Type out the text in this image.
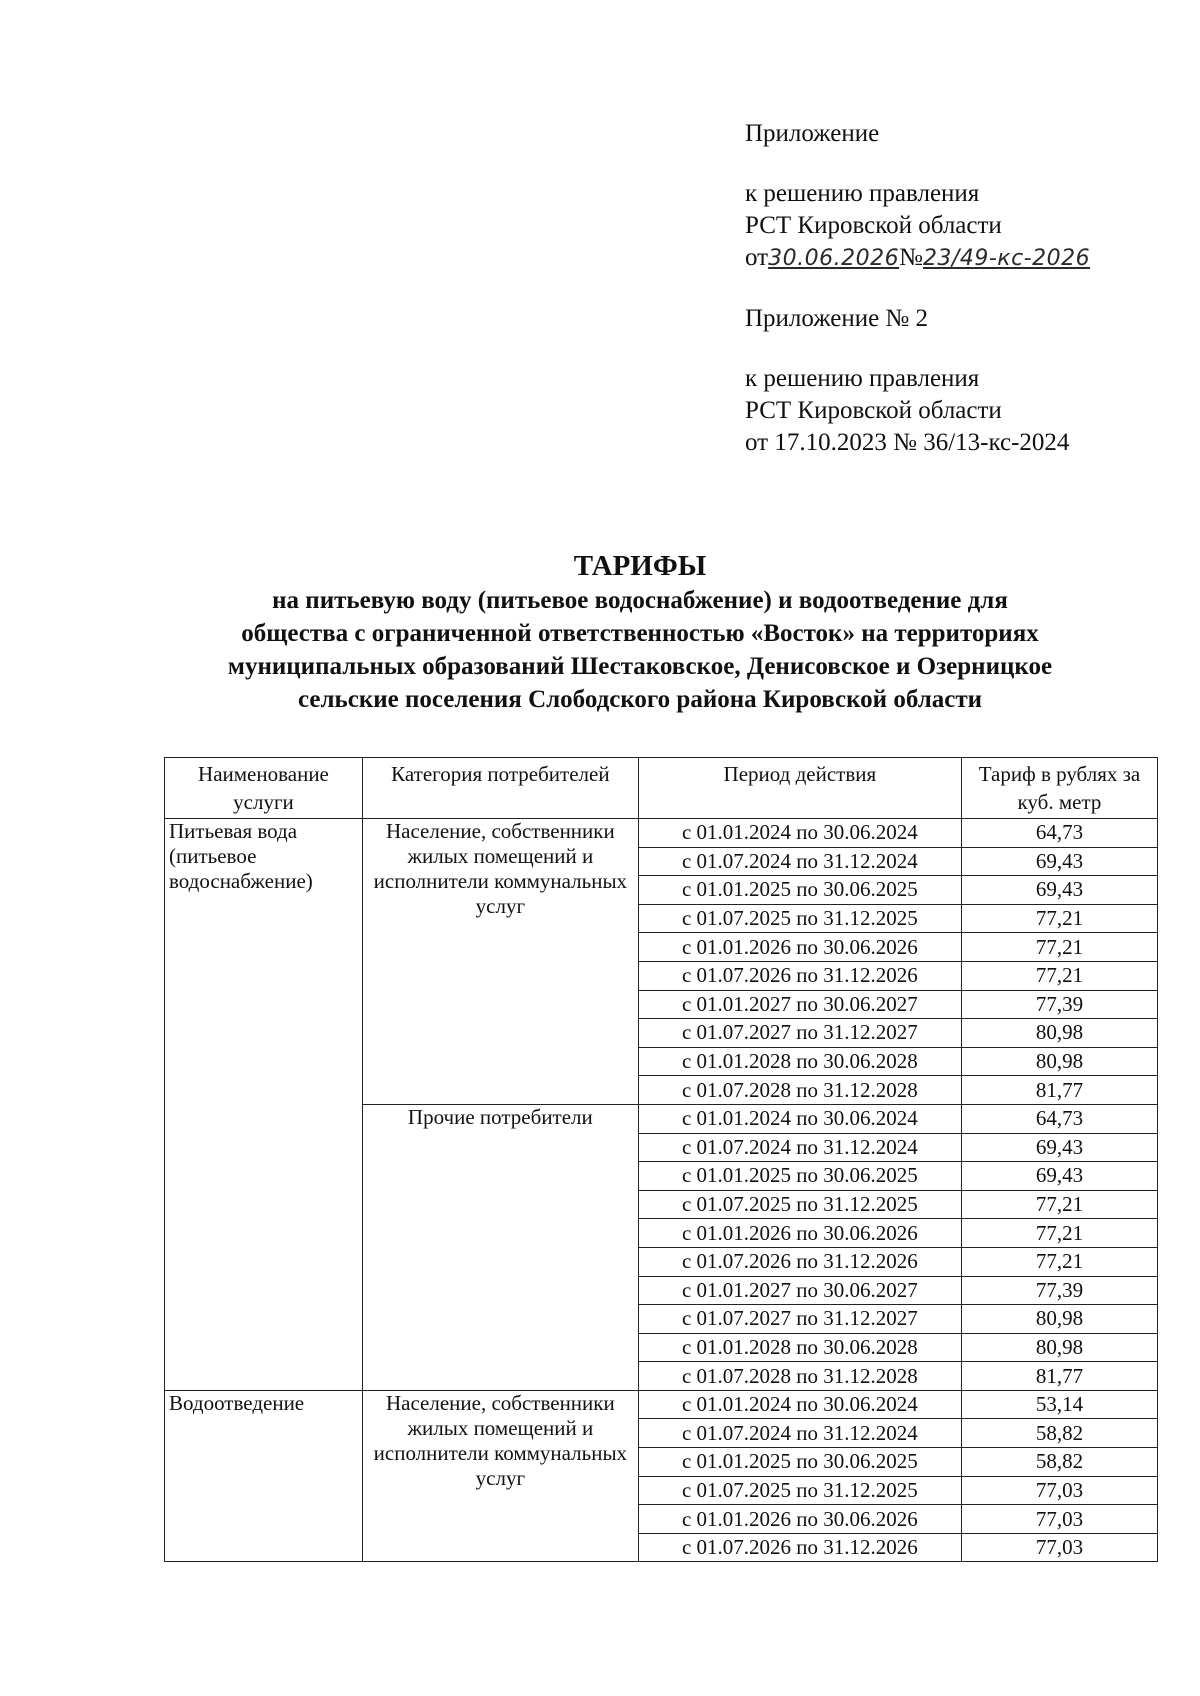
Приложение
к решению правления
РСТ Кировской области
от30.06.2026№23/49-кс-2026
Приложение № 2
к решению правления
РСТ Кировской области
от 17.10.2023 № 36/13-кс-2024
ТАРИФЫ
на питьевую воду (питьевое водоснабжение) и водоотведение для
общества с ограниченной ответственностью «Восток» на территориях
муниципальных образований Шестаковское, Денисовское и Озерницкое
сельские поселения Слободского района Кировской области
Наименование услуги	Категория потребителей	Период действия	Тариф в рублях за куб. метр
Питьевая вода (питьевое водоснабжение)	Население, собственники жилых помещений и исполнители коммунальных услуг	с 01.01.2024 по 30.06.2024	64,73
		с 01.07.2024 по 31.12.2024	69,43
		с 01.01.2025 по 30.06.2025	69,43
		с 01.07.2025 по 31.12.2025	77,21
		с 01.01.2026 по 30.06.2026	77,21
		с 01.07.2026 по 31.12.2026	77,21
		с 01.01.2027 по 30.06.2027	77,39
		с 01.07.2027 по 31.12.2027	80,98
		с 01.01.2028 по 30.06.2028	80,98
		с 01.07.2028 по 31.12.2028	81,77
	Прочие потребители	с 01.01.2024 по 30.06.2024	64,73
		с 01.07.2024 по 31.12.2024	69,43
		с 01.01.2025 по 30.06.2025	69,43
		с 01.07.2025 по 31.12.2025	77,21
		с 01.01.2026 по 30.06.2026	77,21
		с 01.07.2026 по 31.12.2026	77,21
		с 01.01.2027 по 30.06.2027	77,39
		с 01.07.2027 по 31.12.2027	80,98
		с 01.01.2028 по 30.06.2028	80,98
		с 01.07.2028 по 31.12.2028	81,77
Водоотведение	Население, собственники жилых помещений и исполнители коммунальных услуг	с 01.01.2024 по 30.06.2024	53,14
		с 01.07.2024 по 31.12.2024	58,82
		с 01.01.2025 по 30.06.2025	58,82
		с 01.07.2025 по 31.12.2025	77,03
		с 01.01.2026 по 30.06.2026	77,03
		с 01.07.2026 по 31.12.2026	77,03
